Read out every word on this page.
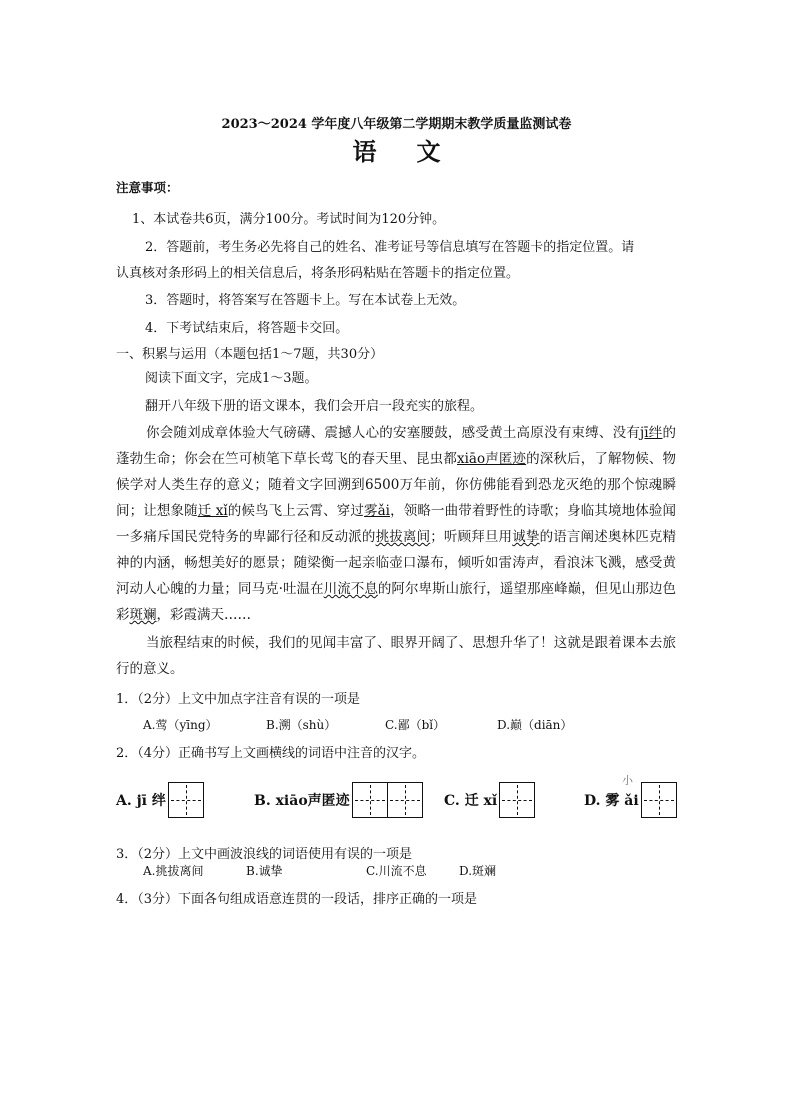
2023～2024 学年度八年级第二学期期末教学质量监测试卷
语文
注意事项：
1、本试卷共6页，满分100分。考试时间为120分钟。
2．答题前，考生务必先将自己的姓名、准考证号等信息填写在答题卡的指定位置。请
认真核对条形码上的相关信息后，将条形码粘贴在答题卡的指定位置。
3．答题时，将答案写在答题卡上。写在本试卷上无效。
4．下考试结束后，将答题卡交回。
一、积累与运用（本题包括1～7题，共30分）
阅读下面文字，完成1～3题。
翻开八年级下册的语文课本，我们会开启一段充实的旅程。
你会随刘成章体验大气磅礴、震撼人心的安塞腰鼓，感受黄土高原没有束缚、没有jī绊的蓬勃生命；你会在竺可桢笔下草长莺飞的春天里、昆虫都xiāo声匿迹的深秋后，了解物候、物候学对人类生存的意义；随着文字回溯到6500万年前，你仿佛能看到恐龙灭绝的那个惊魂瞬间；让想象随迁 xǐ的候鸟飞上云霄、穿过雾ǎi，领略一曲带着野性的诗歌；身临其境地体验闻一多痛斥国民党特务的卑鄙行径和反动派的挑拔离间；听顾拜旦用诚挚的语言阐述奥林匹克精神的内涵，畅想美好的愿景；随梁衡一起亲临壶口瀑布，倾听如雷涛声，看浪沫飞溅，感受黄河动人心魄的力量；同马克·吐温在川流不息的阿尔卑斯山旅行，遥望那座峰巅，但见山那边色彩斑斓，彩霞满天……
当旅程结束的时候，我们的见闻丰富了、眼界开阔了、思想升华了！这就是跟着课本去旅行的意义。
1．（2分）上文中加点字注音有误的一项是
A.莺（yīng）	B.溯（shù）	C.鄙（bǐ）	D.巅（diān）
2．（4分）正确书写上文画横线的词语中注音的汉字。
A. jī 绊	B. xiāo声匿迹	C. 迁 xǐ	D. 雾 ǎi
小
3．（2分）上文中画波浪线的词语使用有误的一项是
A.挑拔离间	B.诚挚	C.川流不息	D.斑斓
4．（3分）下面各句组成语意连贯的一段话，排序正确的一项是
